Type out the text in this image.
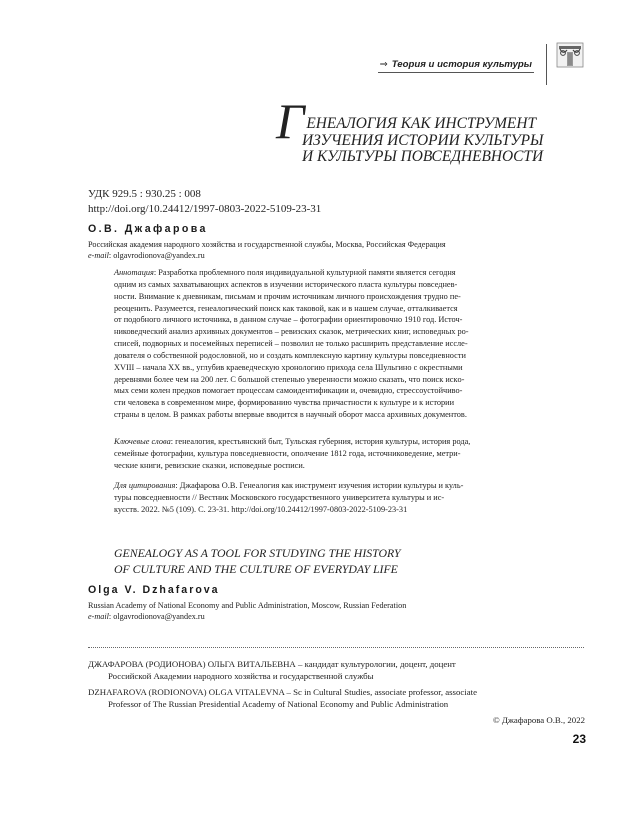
⇒ Теория и история культуры
Г ЕНЕАЛОГИЯ КАК ИНСТРУМЕНТ
ИЗУЧЕНИЯ ИСТОРИИ КУЛЬТУРЫ
И КУЛЬТУРЫ ПОВСЕДНЕВНОСТИ
УДК 929.5 : 930.25 : 008
http://doi.org/10.24412/1997-0803-2022-5109-23-31
О.В. Джафарова
Российская академия народного хозяйства и государственной службы, Москва, Российская Федерация
e-mail: olgavrodionova@yandex.ru
Аннотация: Разработка проблемного поля индивидуальной культурной памяти является сегодня
одним из самых захватывающих аспектов в изучении исторического пласта культуры повседнев-
ности. Внимание к дневникам, письмам и прочим источникам личного происхождения трудно пе-
реоценить. Разумеется, генеалогический поиск как таковой, как и в нашем случае, отталкивается
от подобного личного источника, в данном случае – фотографии ориентировочно 1910 год. Источ-
никоведческий анализ архивных документов – ревизских сказок, метрических книг, исповедных ро-
списей, подворных и посемейных переписей – позволил не только расширить представление иссле-
дователя о собственной родословной, но и создать комплексную картину культуры повседневности
XVIII – начала XX вв., углубив краеведческую хронологию прихода села Шульгино с окрестными
деревнями более чем на 200 лет. С большой степенью уверенности можно сказать, что поиск искo-
мых семи колен предков помогает процессам самоидентификации и, очевидно, стрессоустойчиво-
сти человека в современном мире, формированию чувства причастности к культуре и к истории
страны в целом. В рамках работы впервые вводится в научный оборот масса архивных документов.
Ключевые слова: генеалогия, крестьянский быт, Тульская губерния, история культуры, история рода,
семейные фотографии, культура повседневности, ополчение 1812 года, источниковедение, метри-
ческие книги, ревизские сказки, исповедные росписи.
Для цитирования: Джафарова О.В. Генеалогия как инструмент изучения истории культуры и куль-
туры повседневности // Вестник Московского государственного университета культуры и ис-
кусств. 2022. №5 (109). С. 23-31. http://doi.org/10.24412/1997-0803-2022-5109-23-31
GENEALOGY AS A TOOL FOR STUDYING THE HISTORY
OF CULTURE AND THE CULTURE OF EVERYDAY LIFE
Olga V. Dzhafarova
Russian Academy of National Economy and Public Administration, Moscow, Russian Federation
e-mail: olgavrodionova@yandex.ru
ДЖАФАРОВА (РОДИОНОВА) ОЛЬГА ВИТАЛЬЕВНА – кандидат культурологии, доцент, доцент
Российской Академии народного хозяйства и государственной службы
DZHAFAROVA (RODIONOVA) OLGA VITALEVNA – Sc in Cultural Studies, associate professor, associate
Professor of The Russian Presidential Academy of National Economy and Public Administration
© Джафарова О.В., 2022
23
